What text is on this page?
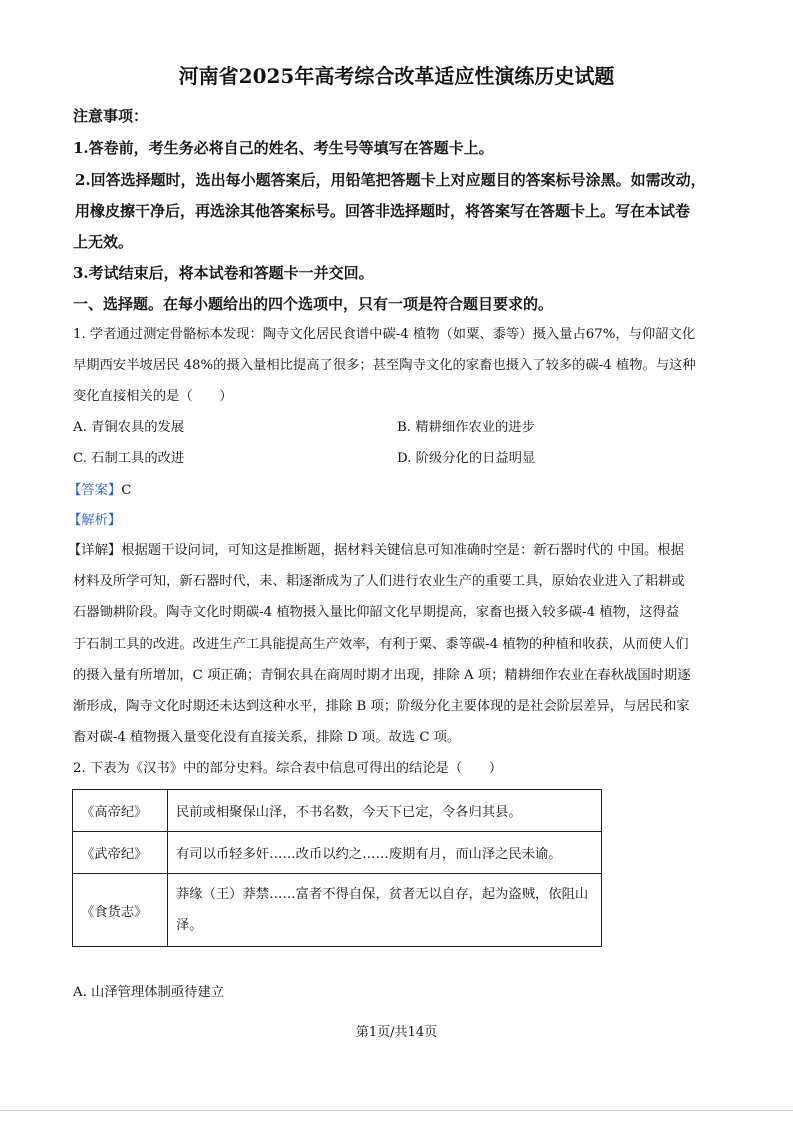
河南省2025年高考综合改革适应性演练历史试题
注意事项：
1.答卷前，考生务必将自己的姓名、考生号等填写在答题卡上。
2.回答选择题时，选出每小题答案后，用铅笔把答题卡上对应题目的答案标号涂黑。如需改动，
用橡皮擦干净后，再选涂其他答案标号。回答非选择题时，将答案写在答题卡上。写在本试卷
上无效。
3.考试结束后，将本试卷和答题卡一并交回。
一、选择题。在每小题给出的四个选项中，只有一项是符合题目要求的。
1. 学者通过测定骨骼标本发现：陶寺文化居民食谱中碳-4 植物（如粟、黍等）摄入量占67%，与仰韶文化
早期西安半坡居民 48%的摄入量相比提高了很多；甚至陶寺文化的家畜也摄入了较多的碳-4 植物。与这种
变化直接相关的是（　　）
A. 青铜农具的发展	B. 精耕细作农业的进步
C. 石制工具的改进	D. 阶级分化的日益明显
【答案】C
【解析】
【详解】根据题干设问词，可知这是推断题，据材料关键信息可知准确时空是：新石器时代的 中国。根据
材料及所学可知，新石器时代，耒、耜逐渐成为了人们进行农业生产的重要工具，原始农业进入了耜耕或
石器锄耕阶段。陶寺文化时期碳-4 植物摄入量比仰韶文化早期提高，家畜也摄入较多碳-4 植物，这得益
于石制工具的改进。改进生产工具能提高生产效率，有利于粟、黍等碳-4 植物的种植和收获，从而使人们
的摄入量有所增加，C 项正确；青铜农具在商周时期才出现，排除 A 项；精耕细作农业在春秋战国时期逐
渐形成，陶寺文化时期还未达到这种水平，排除 B 项；阶级分化主要体现的是社会阶层差异，与居民和家
畜对碳-4 植物摄入量变化没有直接关系，排除 D 项。故选 C 项。
2. 下表为《汉书》中的部分史料。综合表中信息可得出的结论是（　　）
《高帝纪》	民前或相聚保山泽，不书名数，今天下已定，令各归其县。
《武帝纪》	有司以币轻多奸……改币以约之……废期有月，而山泽之民未谕。
《食货志》	莽缘（王）莽禁……富者不得自保，贫者无以自存，起为盗贼，依阻山泽。
A. 山泽管理体制亟待建立
第1页/共14页
